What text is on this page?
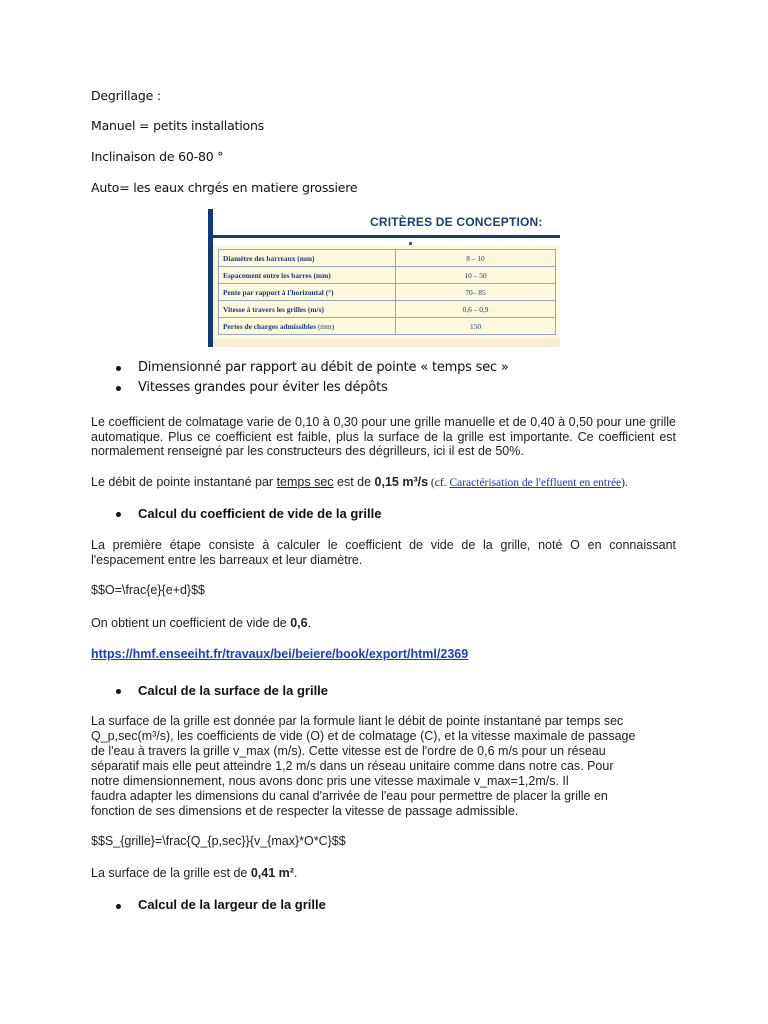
Degrillage :
Manuel = petits installations
Inclinaison de 60-80 °
Auto= les eaux chrgés en matiere grossiere
CRITÈRES DE CONCEPTION:
Diamètre des barreaux (mm)	8 – 10
Espacement entre les barres (mm)	10 – 50
Pente par rapport à l'horizontal (°)	70– 85
Vitesse à travers les grilles (m/s)	0,6 – 0,9
Pertes de charges admissibles (mm)	150
Dimensionné par rapport au débit de pointe « temps sec »
Vitesses grandes pour éviter les dépôts
Le coefficient de colmatage varie de 0,10 à 0,30 pour une grille manuelle et de 0,40 à 0,50 pour une grille automatique. Plus ce coefficient est faible, plus la surface de la grille est importante. Ce coefficient est normalement renseigné par les constructeurs des dégrilleurs, ici il est de 50%.
Le débit de pointe instantané par temps sec est de 0,15 m³/s (cf. Caractérisation de l'effluent en entrée).
Calcul du coefficient de vide de la grille
La première étape consiste à calculer le coefficient de vide de la grille, noté O en connaissant l'espacement entre les barreaux et leur diamètre.
$$O=\frac{e}{e+d}$$
On obtient un coefficient de vide de 0,6.
https://hmf.enseeiht.fr/travaux/bei/beiere/book/export/html/2369
Calcul de la surface de la grille
La surface de la grille est donnée par la formule liant le débit de pointe instantané par temps sec
Q_p,sec(m³/s), les coefficients de vide (O) et de colmatage (C), et la vitesse maximale de passage
de l'eau à travers la grille v_max (m/s). Cette vitesse est de l'ordre de 0,6 m/s pour un réseau
séparatif mais elle peut atteindre 1,2 m/s dans un réseau unitaire comme dans notre cas. Pour
notre dimensionnement, nous avons donc pris une vitesse maximale v_max=1,2m/s. Il
faudra adapter les dimensions du canal d'arrivée de l'eau pour permettre de placer la grille en
fonction de ses dimensions et de respecter la vitesse de passage admissible.
$$S_{grille}=\frac{Q_{p,sec}}{v_{max}*O*C}$$
La surface de la grille est de 0,41 m².
Calcul de la largeur de la grille
